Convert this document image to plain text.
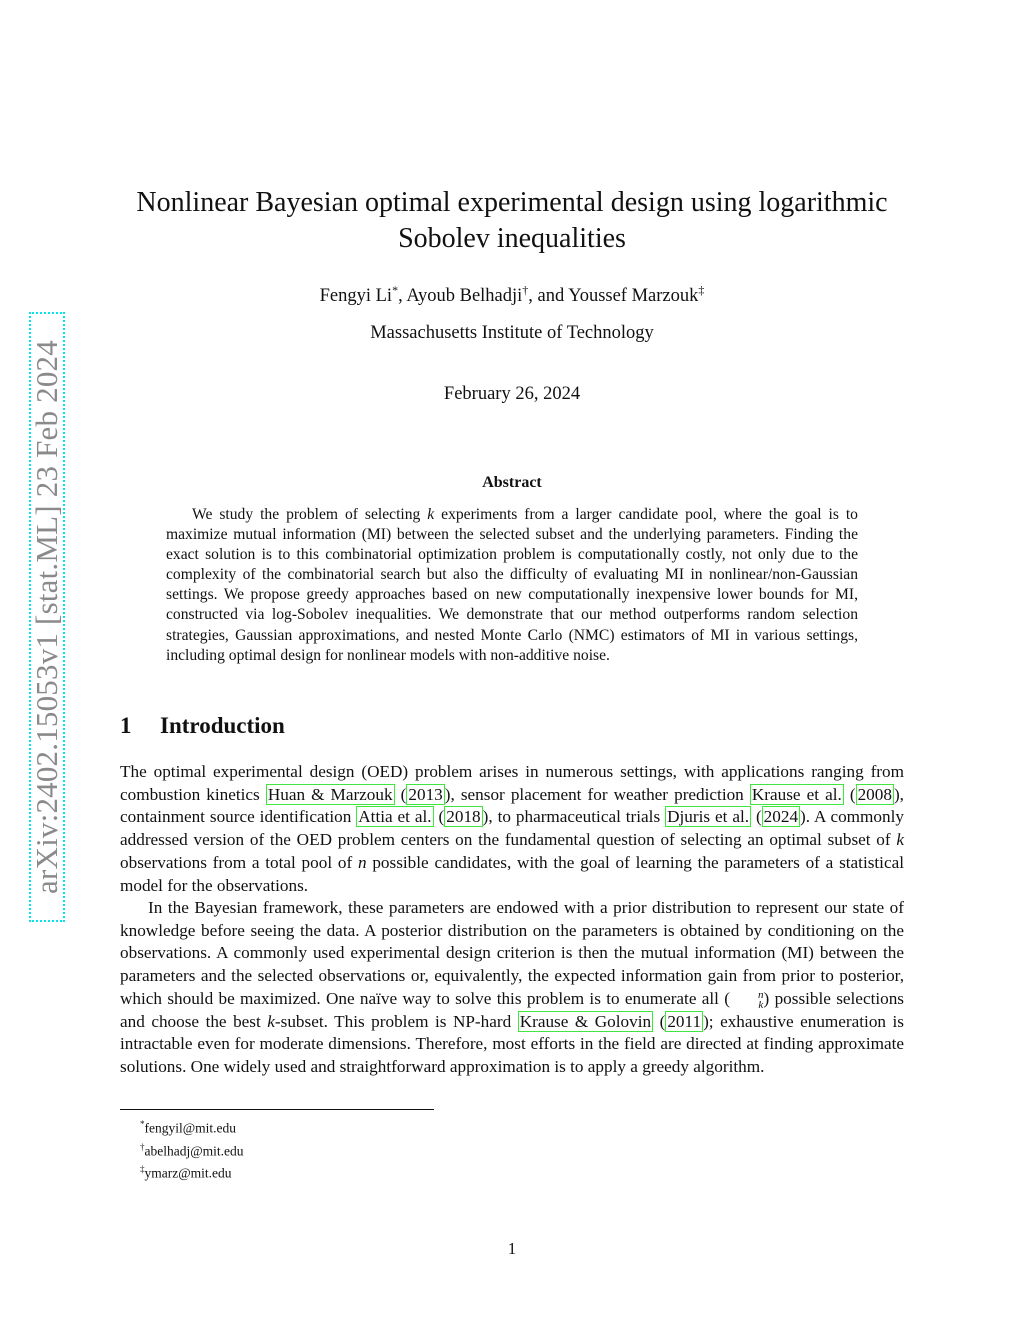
arXiv:2402.15053v1 [stat.ML] 23 Feb 2024
Nonlinear Bayesian optimal experimental design using logarithmic
Sobolev inequalities
Fengyi Li*, Ayoub Belhadji†, and Youssef Marzouk‡
Massachusetts Institute of Technology
February 26, 2024
Abstract

We study the problem of selecting k experiments from a larger candidate pool, where the goal is to maximize mutual information (MI) between the selected subset and the underlying parameters. Finding the exact solution is to this combinatorial optimization problem is computationally costly, not only due to the complexity of the combinatorial search but also the difficulty of evaluating MI in nonlinear/non-Gaussian settings. We propose greedy approaches based on new computationally inexpensive lower bounds for MI, constructed via log-Sobolev inequalities. We demonstrate that our method outperforms random selection strategies, Gaussian approximations, and nested Monte Carlo (NMC) estimators of MI in various settings, including optimal design for nonlinear models with non-additive noise.

1 Introduction

The optimal experimental design (OED) problem arises in numerous settings, with applications ranging from combustion kinetics Huan & Marzouk ( 2013 ), sensor placement for weather prediction Krause et al. ( 2008 ), containment source identification Attia et al. ( 2018 ), to pharmaceutical trials Djuris et al. ( 2024 ). A commonly addressed version of the OED problem centers on the fundamental question of selecting an optimal subset of k observations from a total pool of n possible candidates, with the goal of learning the parameters of a statistical model for the observations.

In the Bayesian framework, these parameters are endowed with a prior distribution to represent our state of knowledge before seeing the data. A posterior distribution on the parameters is obtained by conditioning on the observations. A commonly used experimental design criterion is then the mutual information (MI) between the parameters and the selected observations or, equivalently, the expected information gain from prior to posterior, which should be maximized. One naïve way to solve this problem is to enumerate all (	n
k ) possible selections and choose the best k-subset. This problem is NP-hard Krause & Golovin ( 2011 ); exhaustive enumeration is intractable even for moderate dimensions. Therefore, most efforts in the field are directed at finding approximate solutions. One widely used and straightforward approximation is to apply a greedy algorithm.

*fengyil@mit.edu
†abelhadj@mit.edu
‡ymarz@mit.edu
1
